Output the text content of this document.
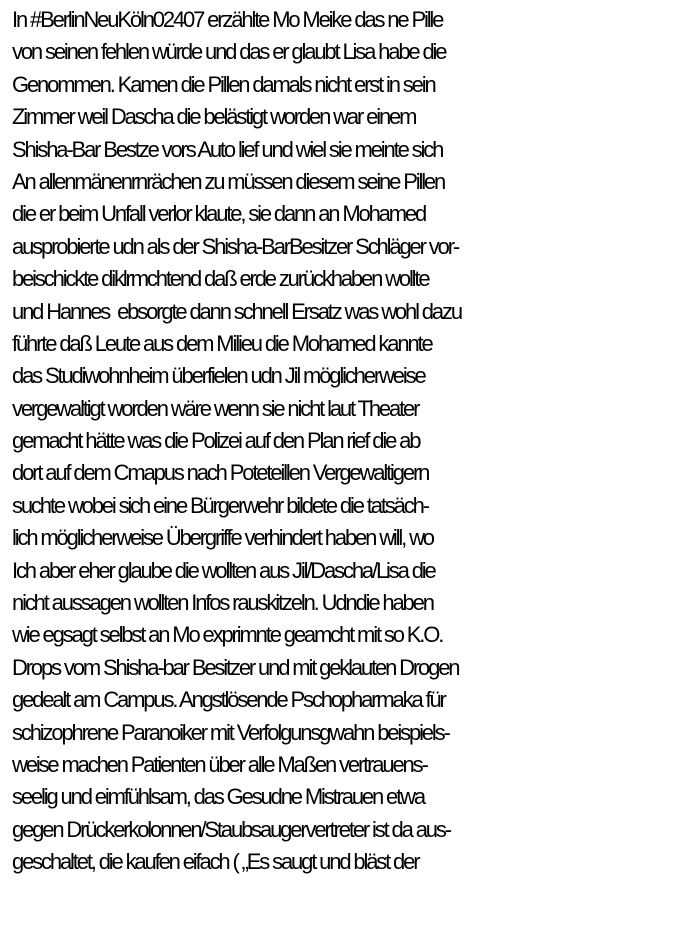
In #BerlinNeuKöln02407 erzählte Mo Meike das ne Pille
von seinen fehlen würde und das er glaubt Lisa habe die
Genommen. Kamen die Pillen damals nicht erst in sein
Zimmer weil Dascha die belästigt worden war einem
Shisha-Bar Bestze vors Auto lief und wiel sie meinte sich
An allenmänenrnrächen zu müssen diesem seine Pillen
die er beim Unfall verlor klaute, sie dann an Mohamed
ausprobierte udn als der Shisha-BarBesitzer Schläger vor-
beischickte diklrmchtend daß erde zurückhaben wollte
und Hannes  ebsorgte dann schnell Ersatz was wohl dazu
führte daß Leute aus dem Milieu die Mohamed kannte
das Studiwohnheim überfielen udn Jil möglicherweise
vergewaltigt worden wäre wenn sie nicht laut Theater
gemacht hätte was die Polizei auf den Plan rief die ab
dort auf dem Cmapus nach Poteteillen Vergewaltigern
suchte wobei sich eine Bürgerwehr bildete die tatsäch-
lich möglicherweise Übergriffe verhindert haben will, wo
Ich aber eher glaube die wollten aus Jil/Dascha/Lisa die
nicht aussagen wollten Infos rauskitzeln. Udndie haben
wie egsagt selbst an Mo exprimnte geamcht mit so K.O.
Drops vom Shisha-bar Besitzer und mit geklauten Drogen
gedealt am Campus. Angstlösende Pschopharmaka für
schizophrene Paranoiker mit Verfolgunsgwahn beispiels-
weise machen Patienten über alle Maßen vertrauens-
seelig und eimfühlsam, das Gesudne Mistrauen etwa
gegen Drückerkolonnen/Staubsaugervertreter ist da aus-
geschaltet, die kaufen eifach ( „Es saugt und bläst der
